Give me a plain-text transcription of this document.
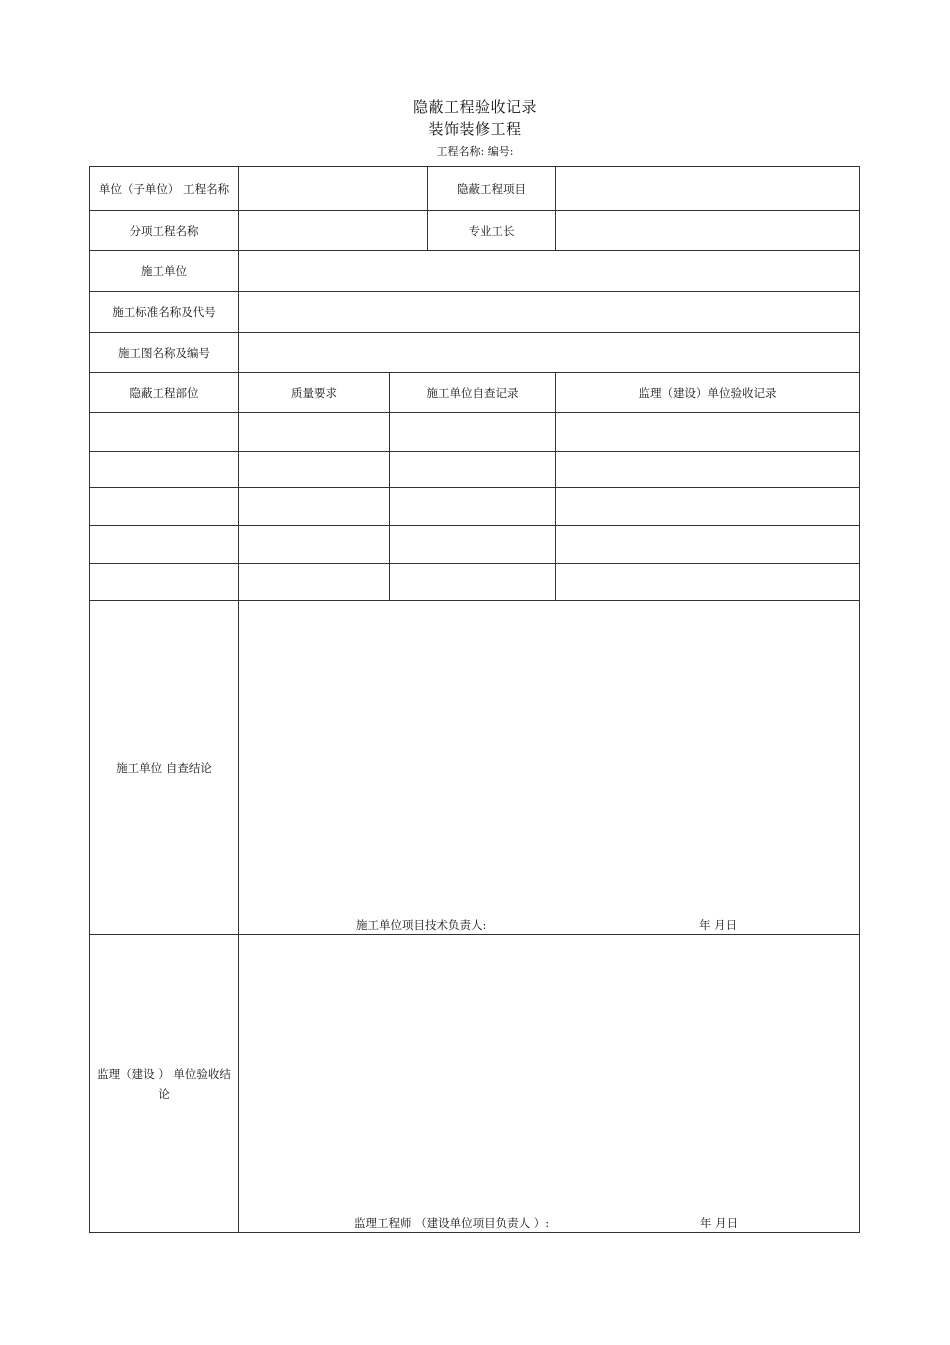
隐蔽工程验收记录
装饰装修工程
工程名称: 编号:
单位（子单位） 工程名称			隐蔽工程项目	
分项工程名称			专业工长	
施工单位				
施工标准名称及代号				
施工图名称及编号				
隐蔽工程部位	质量要求	施工单位自查记录		监理（建设）单位验收记录

施工单位 自查结论	施工单位项目技术负责人: 年 月日			

监理（建设 ） 单位验收结
论	监理工程师 （建设单位项目负责人 ）: 年 月日			
